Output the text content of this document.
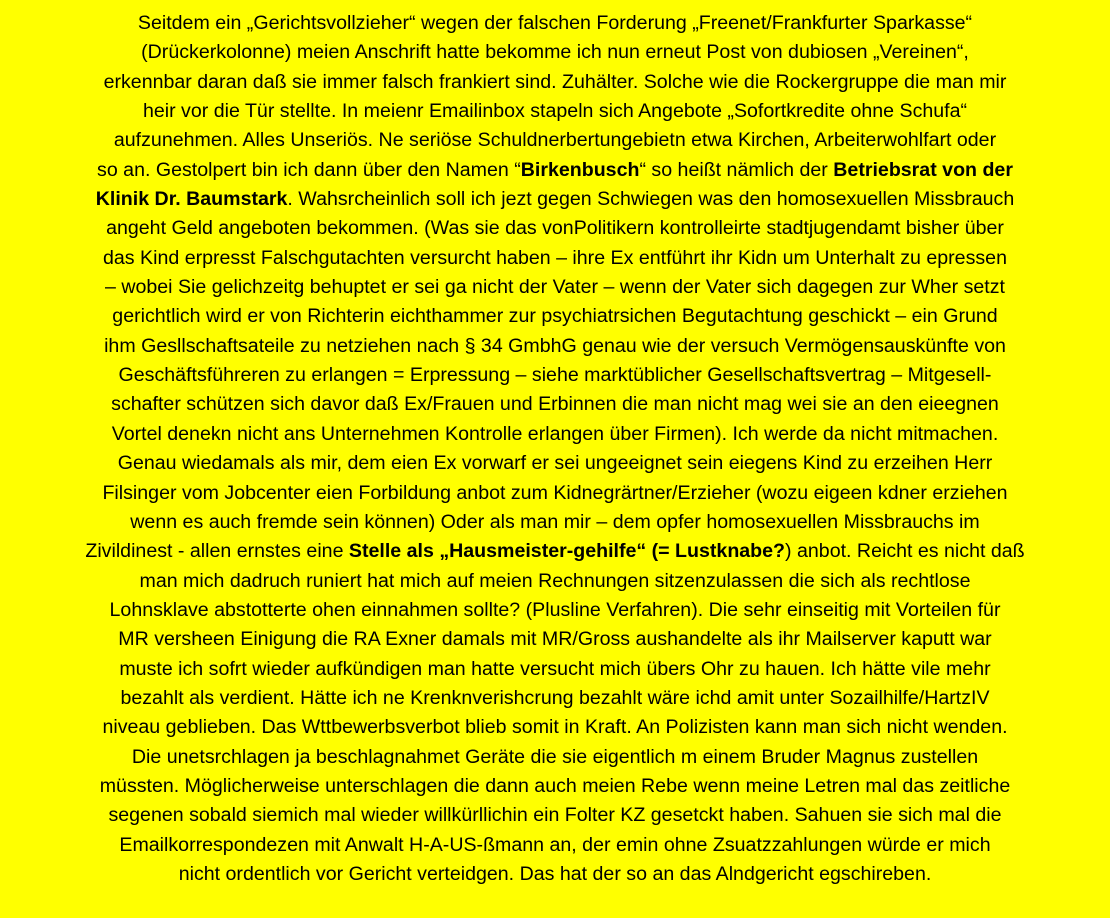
Seitdem ein „Gerichtsvollzieher“ wegen der falschen Forderung „Freenet/Frankfurter Sparkasse“
(Drückerkolonne) meien Anschrift hatte bekomme ich nun erneut Post von dubiosen „Vereinen“,
erkennbar daran daß sie immer falsch frankiert sind. Zuhälter. Solche wie die Rockergruppe die man mir
heir vor die Tür stellte. In meienr Emailinbox stapeln sich Angebote „Sofortkredite ohne Schufa“
aufzunehmen. Alles Unseriös. Ne seriöse Schuldnerbertungebietn etwa Kirchen, Arbeiterwohlfart oder
so an. Gestolpert bin ich dann über den Namen “Birkenbusch“ so heißt nämlich der Betriebsrat von der
Klinik Dr. Baumstark. Wahsrcheinlich soll ich jezt gegen Schwiegen was den homosexuellen Missbrauch
angeht Geld angeboten bekommen. (Was sie das vonPolitikern kontrolleirte stadtjugendamt bisher über
das Kind erpresst Falschgutachten versurcht haben – ihre Ex entführt ihr Kidn um Unterhalt zu epressen
– wobei Sie gelichzeitg behuptet er sei ga nicht der Vater – wenn der Vater sich dagegen zur Wher setzt
gerichtlich wird er von Richterin eichthammer zur psychiatrsichen Begutachtung geschickt – ein Grund
ihm Geslls​chaftsateile zu netziehen nach § 34 GmbhG genau wie der versuch Vermögensauskünfte von
Geschäftsführeren zu erlangen = Erpressung – siehe marktüblicher Gesellschaftsvertrag – Mitgesell-
schafter schützen sich davor daß Ex/Frauen und Erbinnen die man nicht mag wei sie an den eieegnen
Vortel denekn nicht ans Unternehmen Kontrolle erlangen über Firmen). Ich werde da nicht mitmachen.
Genau wiedamals als mir, dem eien Ex vorwarf er sei ungeeignet sein eiegens Kind zu erzeihen Herr
Filsinger vom Jobcenter eien Forbildung anbot zum Kidnegrärtner/Erzieher (wozu eigeen kdner erziehen
wenn es auch fremde sein können) Oder als man mir – dem opfer homosexuellen Missbrauchs im
Zivildinest - allen ernstes eine Stelle als „Hausmeister-gehilfe“ (= Lustknabe?) anbot. Reicht es nicht daß
man mich dadruch runiert hat mich auf meien Rechnungen sitzenzulassen die sich als rechtlose
Lohnsklave abstotterte ohen einnahmen sollte? (Plusline Verfahren). Die sehr einseitig mit Vorteilen für
MR versheen Einigung die RA Exner damals mit MR/Gross aushandelte als ihr Mailserver kaputt war
muste ich sofrt wieder aufkündigen man hatte versucht mich übers Ohr zu hauen. Ich hätte vile mehr
bezahlt als verdient. Hätte ich ne Krenknverishcrung bezahlt wäre ichd amit unter Sozailhilfe/HartzIV
niveau geblieben. Das Wttbewerbsverbot blieb somit in Kraft. An Polizisten kann man sich nicht wenden.
Die unetsrchlagen ja beschlagnahmet Geräte die sie eigentlich m einem Bruder Magnus zustellen
müssten. Möglicherweise unterschlagen die dann auch meien Rebe wenn meine Letren mal das zeitliche
segenen sobald siemich mal wieder willkürllichin ein Folter KZ gesetckt haben. Sahuen sie sich mal die
Emailkorrespondezen mit Anwalt H-A-US-ßmann an, der emin ohne Zsuatzzahlungen würde er mich
nicht ordentlich vor Gericht verteidgen. Das hat der so an das Alndgericht egschireben.
